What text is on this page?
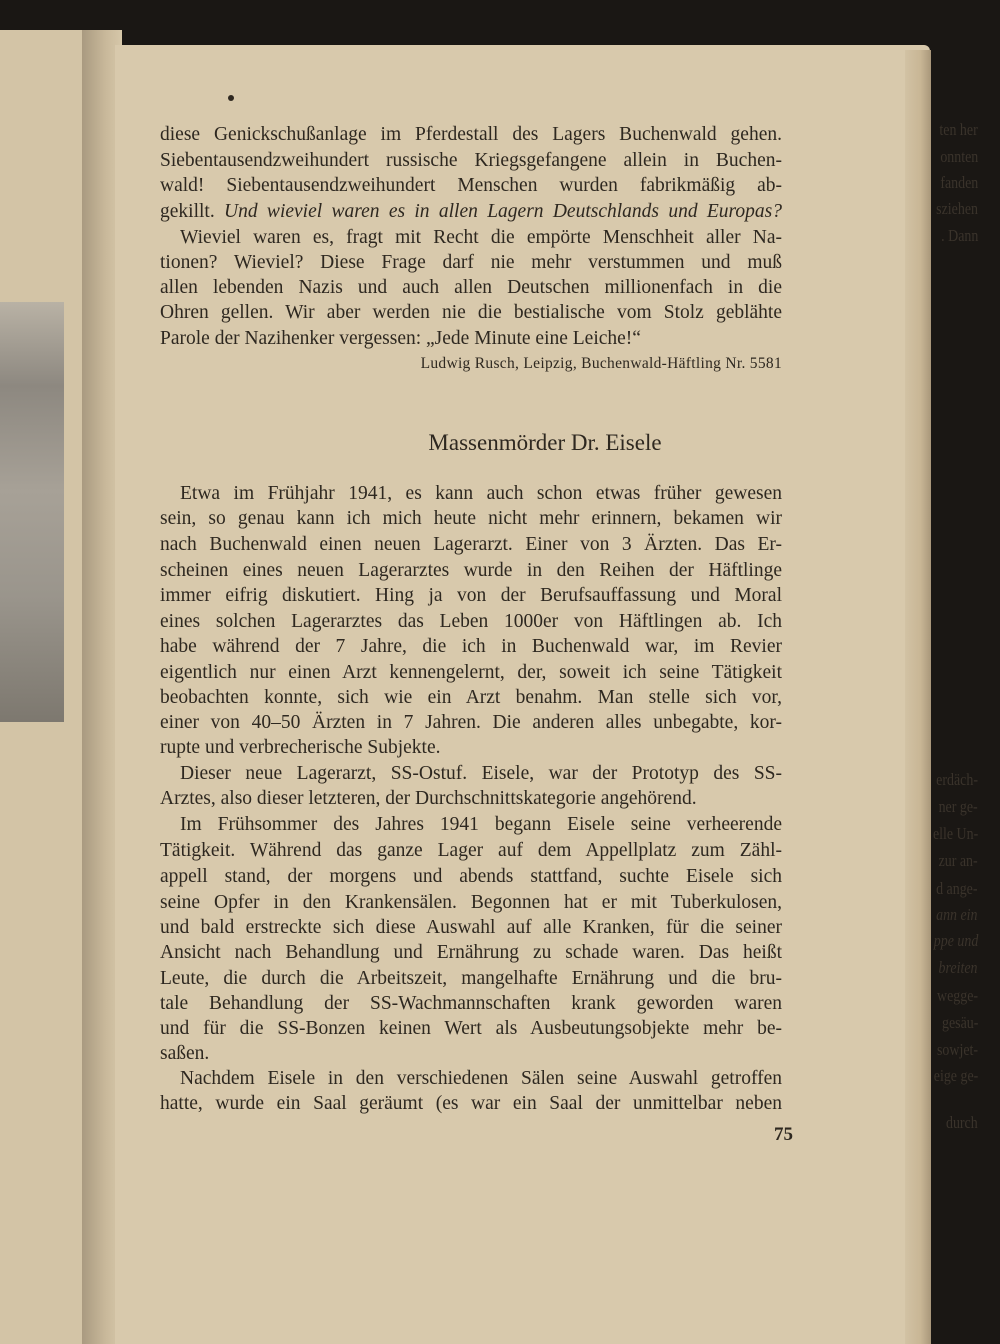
ten her
onnten
fanden
sziehen
. Dann
erdäch-
ner ge-
elle Un-
zur an-
d ange-
ann ein
ppe und
breiten
wegge-
gesäu-
sowjet-
eige ge-
durch
diese Genickschußanlage im Pferdestall des Lagers Buchenwald gehen.
Siebentausendzweihundert russische Kriegsgefangene allein in Buchen-
wald! Siebentausendzweihundert Menschen wurden fabrikmäßig ab-
gekillt. Und wieviel waren es in allen Lagern Deutschlands und Europas?
Wieviel waren es, fragt mit Recht die empörte Menschheit aller Na-
tionen? Wieviel? Diese Frage darf nie mehr verstummen und muß
allen lebenden Nazis und auch allen Deutschen millionenfach in die
Ohren gellen. Wir aber werden nie die bestialische vom Stolz geblähte
Parole der Nazihenker vergessen: „Jede Minute eine Leiche!“
Ludwig Rusch, Leipzig, Buchenwald-Häftling Nr. 5581
Massenmörder Dr. Eisele
Etwa im Frühjahr 1941, es kann auch schon etwas früher gewesen
sein, so genau kann ich mich heute nicht mehr erinnern, bekamen wir
nach Buchenwald einen neuen Lagerarzt. Einer von 3 Ärzten. Das Er-
scheinen eines neuen Lagerarztes wurde in den Reihen der Häftlinge
immer eifrig diskutiert. Hing ja von der Berufsauffassung und Moral
eines solchen Lagerarztes das Leben 1000er von Häftlingen ab. Ich
habe während der 7 Jahre, die ich in Buchenwald war, im Revier
eigentlich nur einen Arzt kennengelernt, der, soweit ich seine Tätigkeit
beobachten konnte, sich wie ein Arzt benahm. Man stelle sich vor,
einer von 40–50 Ärzten in 7 Jahren. Die anderen alles unbegabte, kor-
rupte und verbrecherische Subjekte.
Dieser neue Lagerarzt, SS-Ostuf. Eisele, war der Prototyp des SS-
Arztes, also dieser letzteren, der Durchschnittskategorie angehörend.
Im Frühsommer des Jahres 1941 begann Eisele seine verheerende
Tätigkeit. Während das ganze Lager auf dem Appellplatz zum Zähl-
appell stand, der morgens und abends stattfand, suchte Eisele sich
seine Opfer in den Krankensälen. Begonnen hat er mit Tuberkulosen,
und bald erstreckte sich diese Auswahl auf alle Kranken, für die seiner
Ansicht nach Behandlung und Ernährung zu schade waren. Das heißt
Leute, die durch die Arbeitszeit, mangelhafte Ernährung und die bru-
tale Behandlung der SS-Wachmannschaften krank geworden waren
und für die SS-Bonzen keinen Wert als Ausbeutungsobjekte mehr be-
saßen.
Nachdem Eisele in den verschiedenen Sälen seine Auswahl getroffen
hatte, wurde ein Saal geräumt (es war ein Saal der unmittelbar neben
75
